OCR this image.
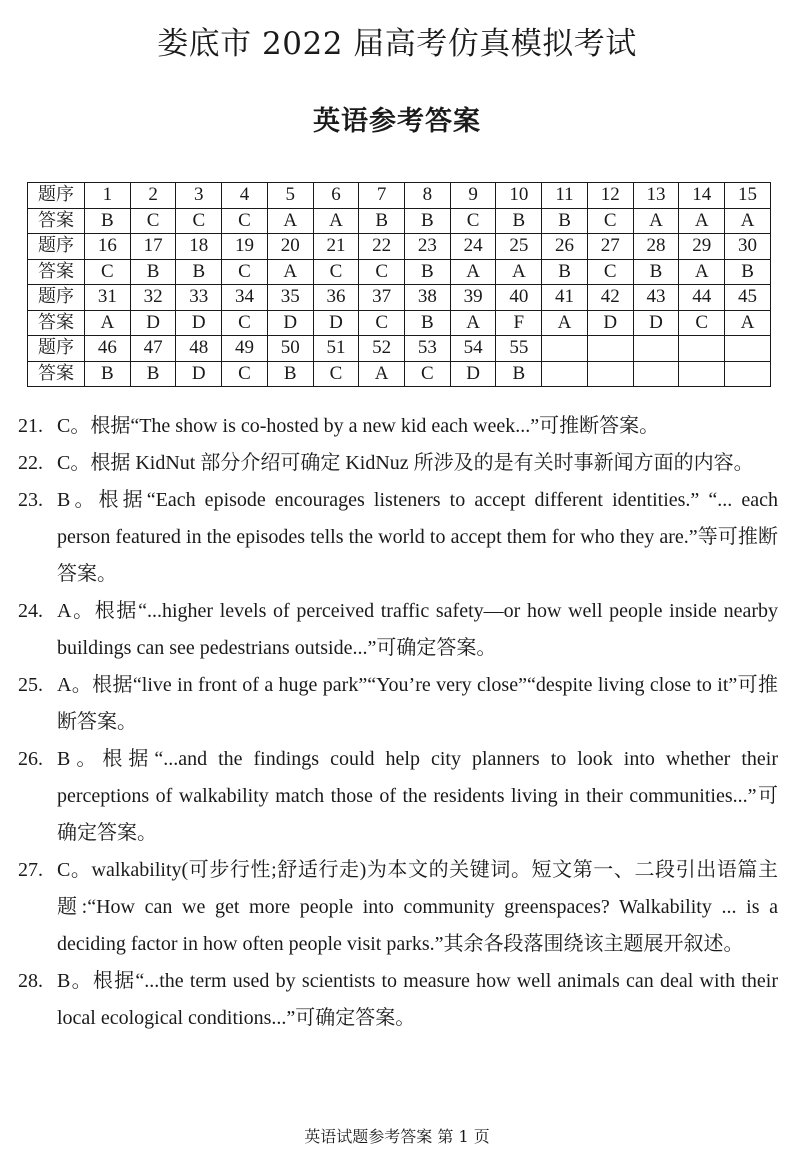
娄底市 2022 届高考仿真模拟考试
英语参考答案
题序	1	2	3	4	5	6	7	8	9	10	11	12	13	14	15
答案	B	C	C	C	A	A	B	B	C	B	B	C	A	A	A
题序	16	17	18	19	20	21	22	23	24	25	26	27	28	29	30
答案	C	B	B	C	A	C	C	B	A	A	B	C	B	A	B
题序	31	32	33	34	35	36	37	38	39	40	41	42	43	44	45
答案	A	D	D	C	D	D	C	B	A	F	A	D	D	C	A
题序	46	47	48	49	50	51	52	53	54	55					
答案	B	B	D	C	B	C	A	C	D	B					
21. C。根据“The show is co-hosted by a new kid each week...”可推断答案。
22. C。根据 KidNut 部分介绍可确定 KidNuz 所涉及的是有关时事新闻方面的内容。
23. B。根据“Each episode encourages listeners to accept different identities.” “... each person featured in the episodes tells the world to accept them for who they are.”等可推断答案。
24. A。根据“...higher levels of perceived traffic safety—or how well people inside nearby buildings can see pedestrians outside...”可确定答案。
25. A。根据“live in front of a huge park”“You’re very close”“despite living close to it”可推断答案。
26. B。根据“...and the findings could help city planners to look into whether their perceptions of walkability match those of the residents living in their communities...”可确定答案。
27. C。walkability(可步行性;舒适行走)为本文的关键词。短文第一、二段引出语篇主题:“How can we get more people into community greenspaces? Walkability ... is a deciding factor in how often people visit parks.”其余各段落围绕该主题展开叙述。
28. B。根据“...the term used by scientists to measure how well animals can deal with their local ecological conditions...”可确定答案。
英语试题参考答案 第 1 页
